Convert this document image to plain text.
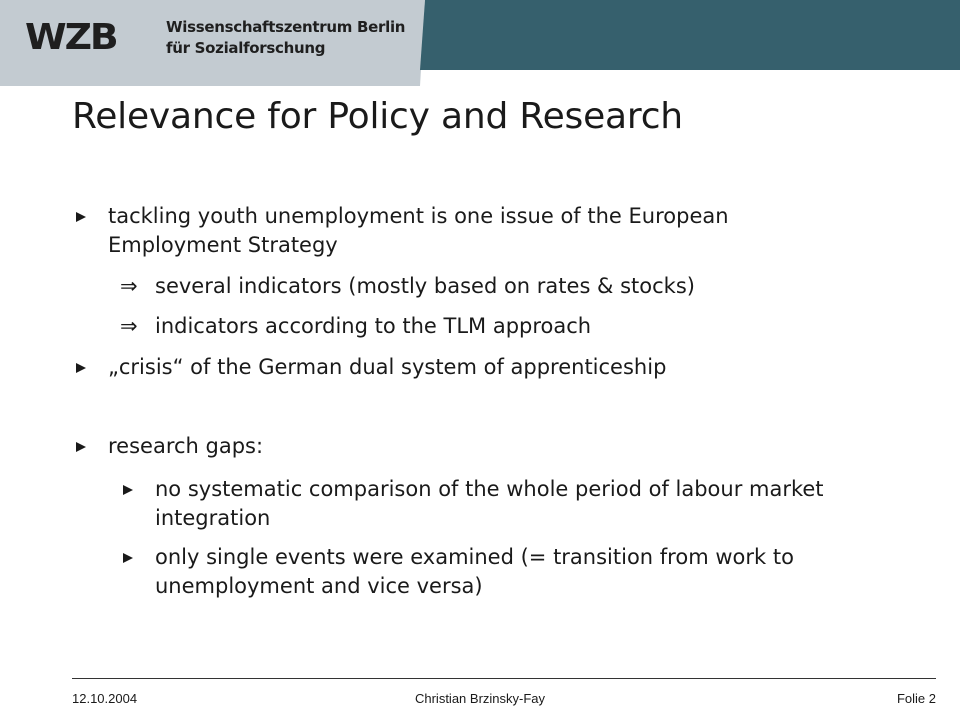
WZB	Wissenschaftszentrum Berlin
für Sozialforschung
Relevance for Policy and Research
tackling youth unemployment is one issue of the European
Employment Strategy
⇒ several indicators (mostly based on rates & stocks)
⇒ indicators according to the TLM approach
„crisis“ of the German dual system of apprenticeship
research gaps:
no systematic comparison of the whole period of labour market
integration
only single events were examined (= transition from work to
unemployment and vice versa)
12.10.2004	Christian Brzinsky-Fay	Folie 2
